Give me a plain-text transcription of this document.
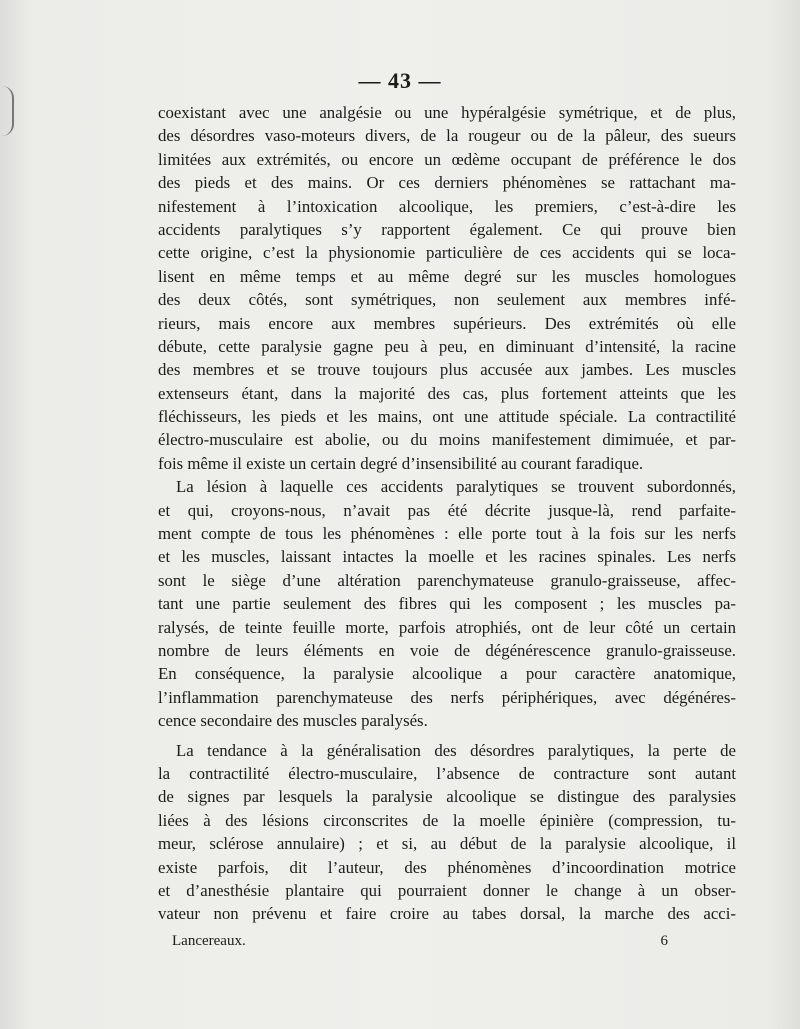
— 43 —
coexistant avec une analgésie ou une hypéralgésie symétrique, et de plus,
des désordres vaso-moteurs divers, de la rougeur ou de la pâleur, des sueurs
limitées aux extrémités, ou encore un œdème occupant de préférence le dos
des pieds et des mains. Or ces derniers phénomènes se rattachant ma-
nifestement à l’intoxication alcoolique, les premiers, c’est-à-dire les
accidents paralytiques s’y rapportent également. Ce qui prouve bien
cette origine, c’est la physionomie particulière de ces accidents qui se loca-
lisent en même temps et au même degré sur les muscles homologues
des deux côtés, sont symétriques, non seulement aux membres infé-
rieurs, mais encore aux membres supérieurs. Des extrémités où elle
débute, cette paralysie gagne peu à peu, en diminuant d’intensité, la racine
des membres et se trouve toujours plus accusée aux jambes. Les muscles
extenseurs étant, dans la majorité des cas, plus fortement atteints que les
fléchisseurs, les pieds et les mains, ont une attitude spéciale. La contractilité
électro-musculaire est abolie, ou du moins manifestement dimimuée, et par-
fois même il existe un certain degré d’insensibilité au courant faradique.
La lésion à laquelle ces accidents paralytiques se trouvent subordonnés,
et qui, croyons-nous, n’avait pas été décrite jusque-là, rend parfaite-
ment compte de tous les phénomènes : elle porte tout à la fois sur les nerfs
et les muscles, laissant intactes la moelle et les racines spinales. Les nerfs
sont le siège d’une altération parenchymateuse granulo-graisseuse, affec-
tant une partie seulement des fibres qui les composent ; les muscles pa-
ralysés, de teinte feuille morte, parfois atrophiés, ont de leur côté un certain
nombre de leurs éléments en voie de dégénérescence granulo-graisseuse.
En conséquence, la paralysie alcoolique a pour caractère anatomique,
l’inflammation parenchymateuse des nerfs périphériques, avec dégénéres-
cence secondaire des muscles paralysés.
La tendance à la généralisation des désordres paralytiques, la perte de
la contractilité électro-musculaire, l’absence de contracture sont autant
de signes par lesquels la paralysie alcoolique se distingue des paralysies
liées à des lésions circonscrites de la moelle épinière (compression, tu-
meur, sclérose annulaire) ; et si, au début de la paralysie alcoolique, il
existe parfois, dit l’auteur, des phénomènes d’incoordination motrice
et d’anesthésie plantaire qui pourraient donner le change à un obser-
vateur non prévenu et faire croire au tabes dorsal, la marche des acci-
Lancereaux.	6
